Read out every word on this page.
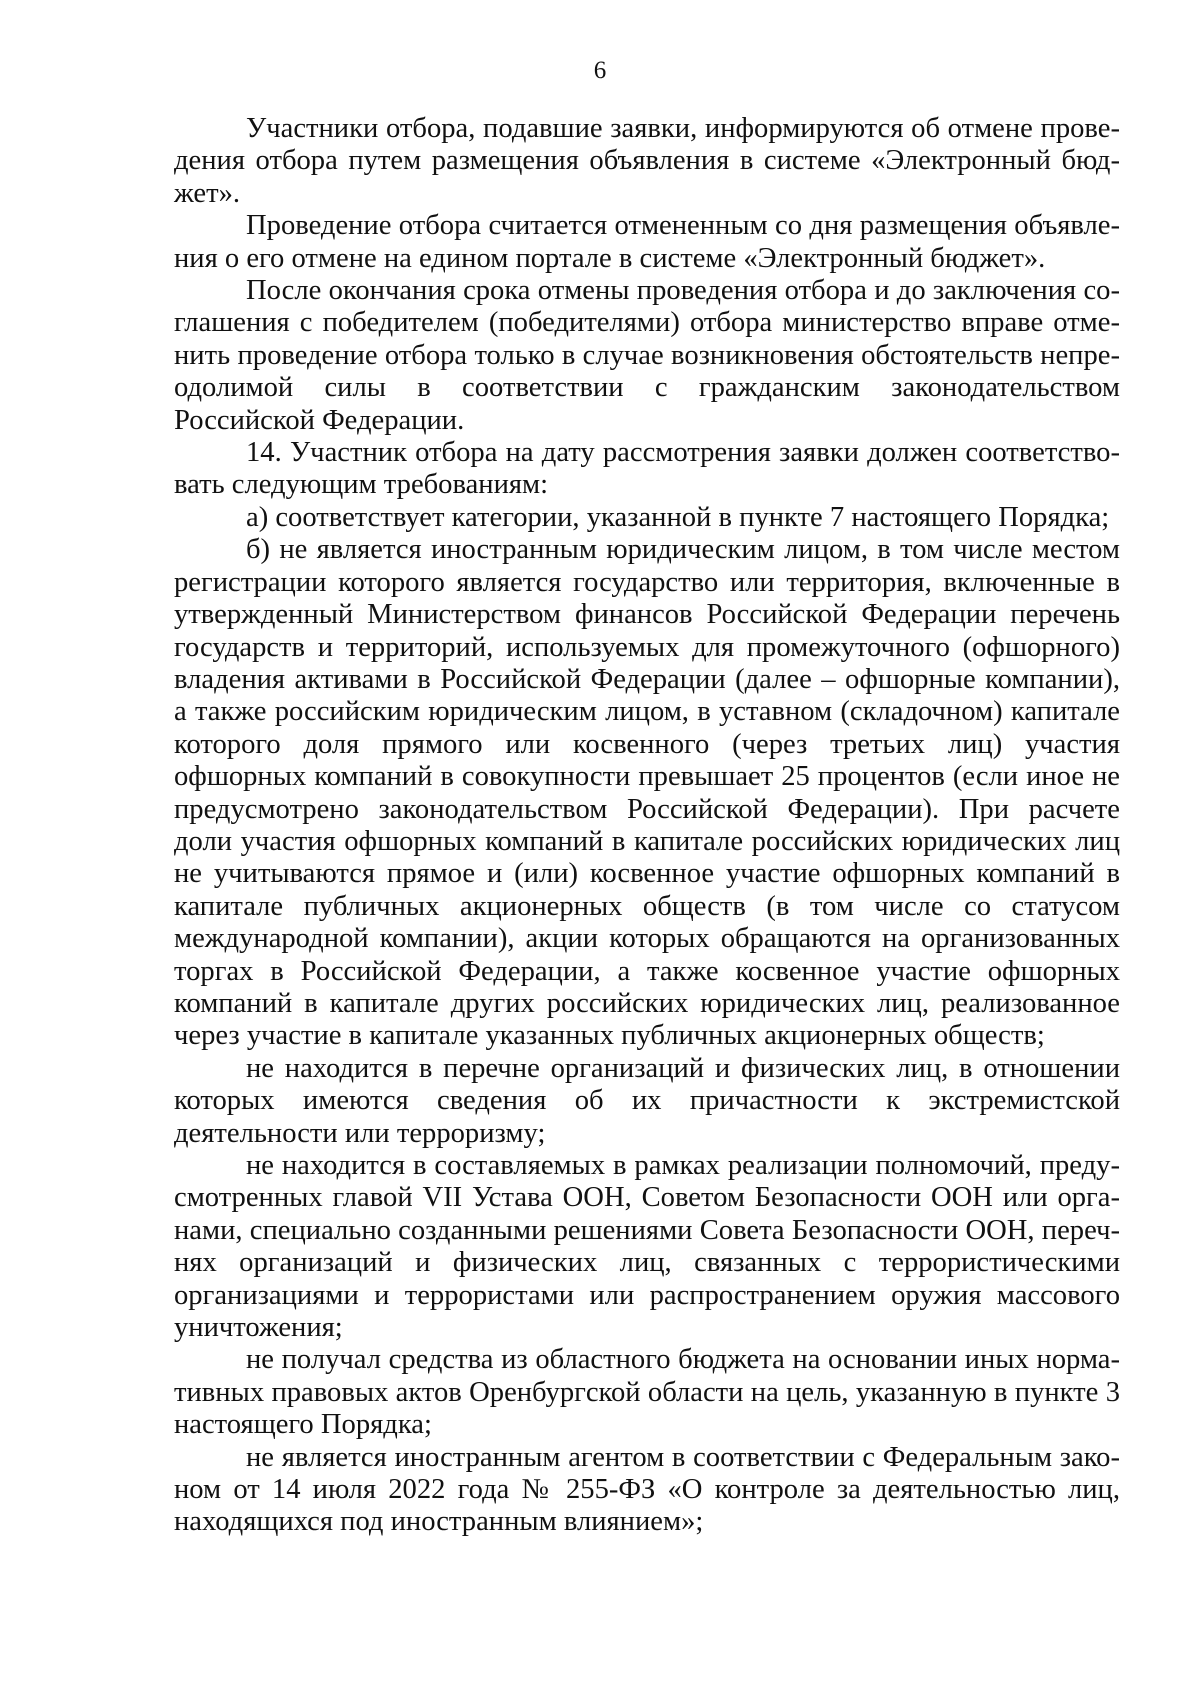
6

Участники отбора, подавшие заявки, информируются об отмене проведения отбора путем размещения объявления в системе «Электронный бюджет».

Проведение отбора считается отмененным со дня размещения объявления о его отмене на едином портале в системе «Электронный бюджет».

После окончания срока отмены проведения отбора и до заключения соглашения с победителем (победителями) отбора министерство вправе отменить проведение отбора только в случае возникновения обстоятельств непреодолимой силы в соответствии с гражданским законодательством Российской Федерации.

14. Участник отбора на дату рассмотрения заявки должен соответствовать следующим требованиям:

а) соответствует категории, указанной в пункте 7 настоящего Порядка;

б) не является иностранным юридическим лицом, в том числе местом регистрации которого является государство или территория, включенные в утвержденный Министерством финансов Российской Федерации перечень государств и территорий, используемых для промежуточного (офшорного) владения активами в Российской Федерации (далее – офшорные компании), а также российским юридическим лицом, в уставном (складочном) капитале которого доля прямого или косвенного (через третьих лиц) участия офшорных компаний в совокупности превышает 25 процентов (если иное не предусмотрено законодательством Российской Федерации). При расчете доли участия офшорных компаний в капитале российских юридических лиц не учитываются прямое и (или) косвенное участие офшорных компаний в капитале публичных акционерных обществ (в том числе со статусом международной компании), акции которых обращаются на организованных торгах в Российской Федерации, а также косвенное участие офшорных компаний в капитале других российских юридических лиц, реализованное через участие в капитале указанных публичных акционерных обществ;

не находится в перечне организаций и физических лиц, в отношении которых имеются сведения об их причастности к экстремистской деятельности или терроризму;

не находится в составляемых в рамках реализации полномочий, предусмотренных главой VII Устава ООН, Советом Безопасности ООН или органами, специально созданными решениями Совета Безопасности ООН, перечнях организаций и физических лиц, связанных с террористическими организациями и террористами или распространением оружия массового уничтожения;

не получал средства из областного бюджета на основании иных нормативных правовых актов Оренбургской области на цель, указанную в пункте 3 настоящего Порядка;

не является иностранным агентом в соответствии с Федеральным законом от 14 июля 2022 года № 255-ФЗ «О контроле за деятельностью лиц, находящихся под иностранным влиянием»;
